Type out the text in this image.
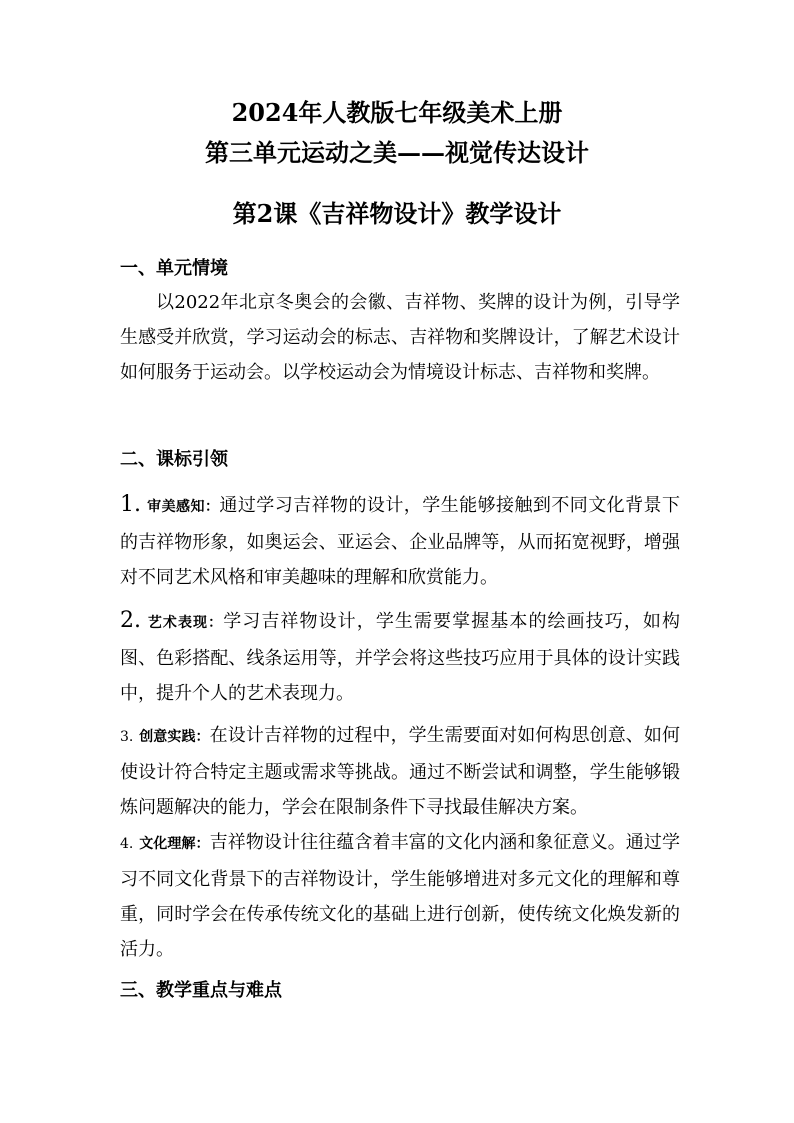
2024年人教版七年级美术上册
第三单元运动之美——视觉传达设计
第2课《吉祥物设计》教学设计
一、单元情境
以2022年北京冬奥会的会徽、吉祥物、奖牌的设计为例，引导学生感受并欣赏，学习运动会的标志、吉祥物和奖牌设计，了解艺术设计如何服务于运动会。以学校运动会为情境设计标志、吉祥物和奖牌。
二、课标引领
1. 审美感知：通过学习吉祥物的设计，学生能够接触到不同文化背景下的吉祥物形象，如奥运会、亚运会、企业品牌等，从而拓宽视野，增强对不同艺术风格和审美趣味的理解和欣赏能力。
2. 艺术表现：学习吉祥物设计，学生需要掌握基本的绘画技巧，如构图、色彩搭配、线条运用等，并学会将这些技巧应用于具体的设计实践中，提升个人的艺术表现力。
3. 创意实践：在设计吉祥物的过程中，学生需要面对如何构思创意、如何使设计符合特定主题或需求等挑战。通过不断尝试和调整，学生能够锻炼问题解决的能力，学会在限制条件下寻找最佳解决方案。
4. 文化理解：吉祥物设计往往蕴含着丰富的文化内涵和象征意义。通过学习不同文化背景下的吉祥物设计，学生能够增进对多元文化的理解和尊重，同时学会在传承传统文化的基础上进行创新，使传统文化焕发新的活力。
三、教学重点与难点
